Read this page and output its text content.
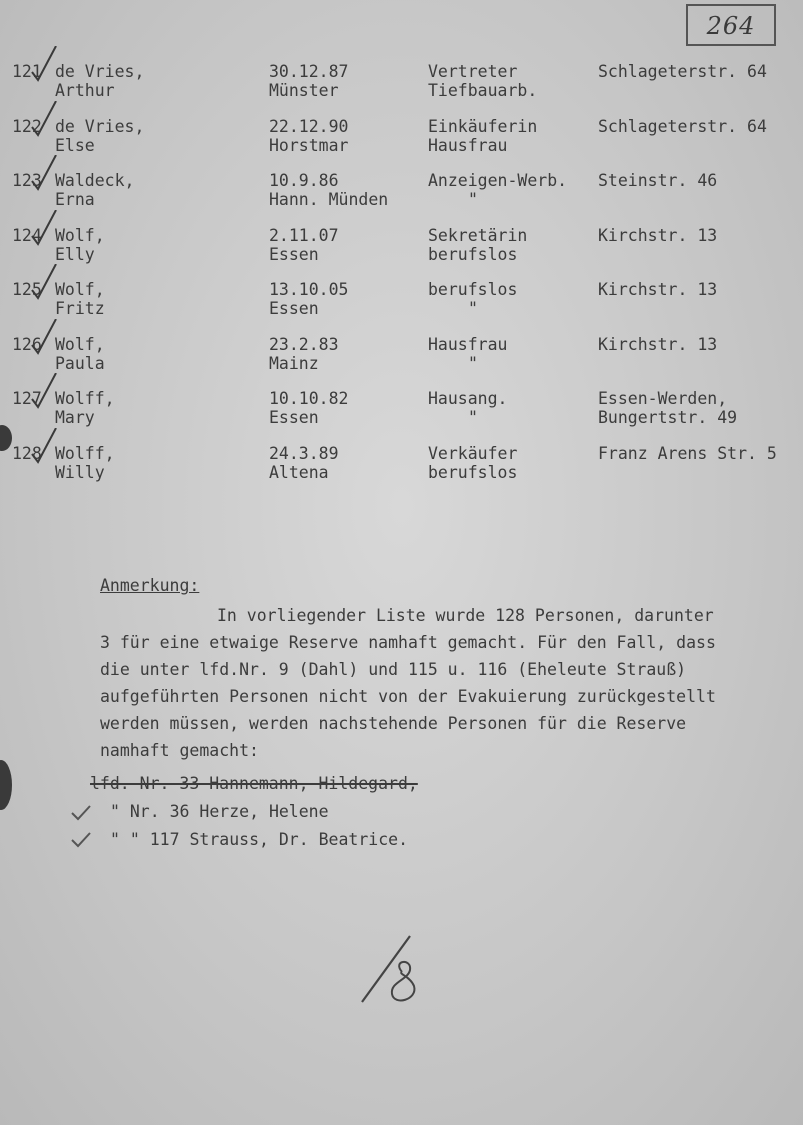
264
121 de Vries,
Arthur
30.12.87
Münster
Vertreter
Tiefbauarb.
Schlageterstr. 64
122 de Vries,
Else
22.12.90
Horstmar
Einkäuferin
Hausfrau
Schlageterstr. 64
123 Waldeck,
Erna
10.9.86
Hann. Münden
Anzeigen-Werb.
"
Steinstr. 46
124 Wolf,
Elly
2.11.07
Essen
Sekretärin
berufslos
Kirchstr. 13
125 Wolf,
Fritz
13.10.05
Essen
berufslos
"
Kirchstr. 13
126 Wolf,
Paula
23.2.83
Mainz
Hausfrau
"
Kirchstr. 13
127 Wolff,
Mary
10.10.82
Essen
Hausang.
"
Essen-Werden,
Bungertstr. 49
128 Wolff,
Willy
24.3.89
Altena
Verkäufer
berufslos
Franz Arens Str. 5
Anmerkung:
In vorliegender Liste wurde 128 Personen, darunter
3 für eine etwaige Reserve namhaft gemacht. Für den Fall, dass
die unter lfd.Nr. 9 (Dahl) und 115 u. 116 (Eheleute Strauß)
aufgeführten Personen nicht von der Evakuierung zurückgestellt
werden müssen, werden nachstehende Personen für die Reserve
namhaft gemacht:
lfd. Nr. 33 Hannemann, Hildegard,
" Nr. 36 Herze, Helene
" " 117 Strauss, Dr. Beatrice.
